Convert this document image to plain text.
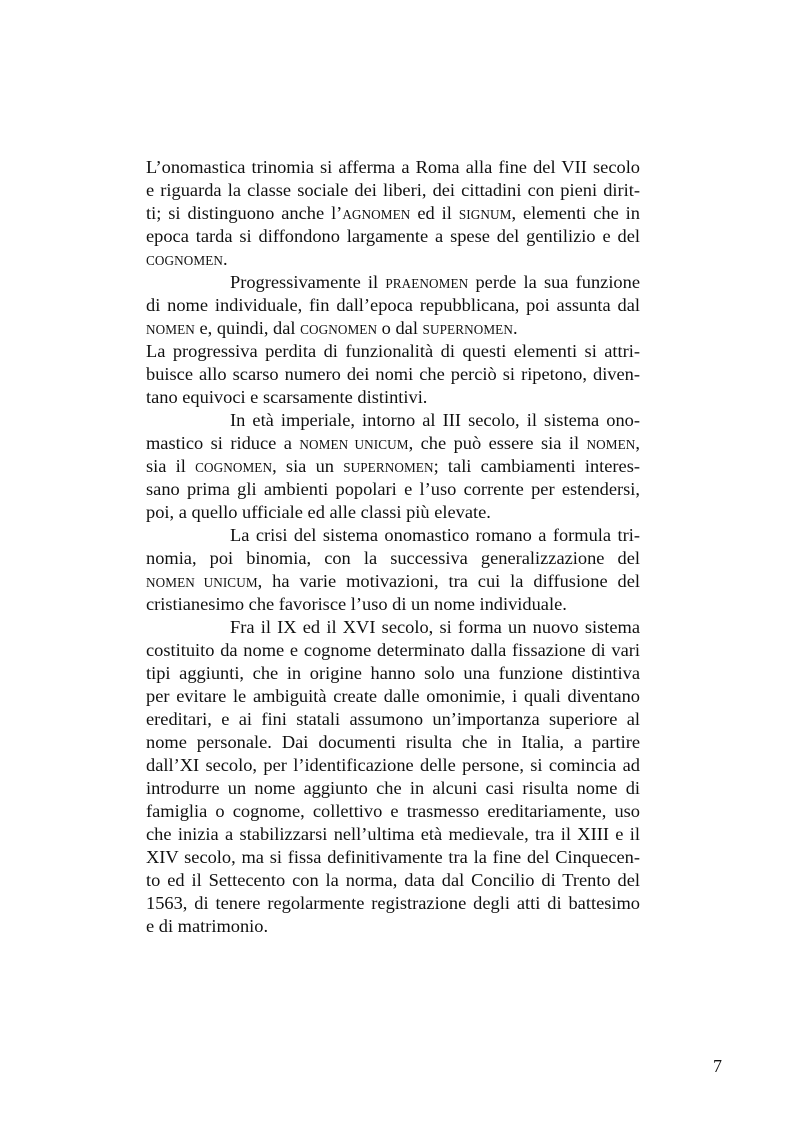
L’onomastica trinomia si afferma a Roma alla fine del VII secolo
e riguarda la classe sociale dei liberi, dei cittadini con pieni dirit-
ti; si distinguono anche l’AGNOMEN ed il SIGNUM, elementi che in
epoca tarda si diffondono largamente a spese del gentilizio e del
COGNOMEN.
Progressivamente il PRAENOMEN perde la sua funzione
di nome individuale, fin dall’epoca repubblicana, poi assunta dal
NOMEN e, quindi, dal COGNOMEN o dal SUPERNOMEN.
La progressiva perdita di funzionalità di questi elementi si attri-
buisce allo scarso numero dei nomi che perciò si ripetono, diven-
tano equivoci e scarsamente distintivi.
In età imperiale, intorno al III secolo, il sistema ono-
mastico si riduce a NOMEN UNICUM, che può essere sia il NOMEN,
sia il COGNOMEN, sia un SUPERNOMEN; tali cambiamenti interes-
sano prima gli ambienti popolari e l’uso corrente per estendersi,
poi, a quello ufficiale ed alle classi più elevate.
La crisi del sistema onomastico romano a formula tri-
nomia, poi binomia, con la successiva generalizzazione del
NOMEN UNICUM, ha varie motivazioni, tra cui la diffusione del
cristianesimo che favorisce l’uso di un nome individuale.
Fra il IX ed il XVI secolo, si forma un nuovo sistema
costituito da nome e cognome determinato dalla fissazione di vari
tipi aggiunti, che in origine hanno solo una funzione distintiva
per evitare le ambiguità create dalle omonimie, i quali diventano
ereditari, e ai fini statali assumono un’importanza superiore al
nome personale. Dai documenti risulta che in Italia, a partire
dall’XI secolo, per l’identificazione delle persone, si comincia ad
introdurre un nome aggiunto che in alcuni casi risulta nome di
famiglia o cognome, collettivo e trasmesso ereditariamente, uso
che inizia a stabilizzarsi nell’ultima età medievale, tra il XIII e il
XIV secolo, ma si fissa definitivamente tra la fine del Cinquecen-
to ed il Settecento con la norma, data dal Concilio di Trento del
1563, di tenere regolarmente registrazione degli atti di battesimo
e di matrimonio.
7
